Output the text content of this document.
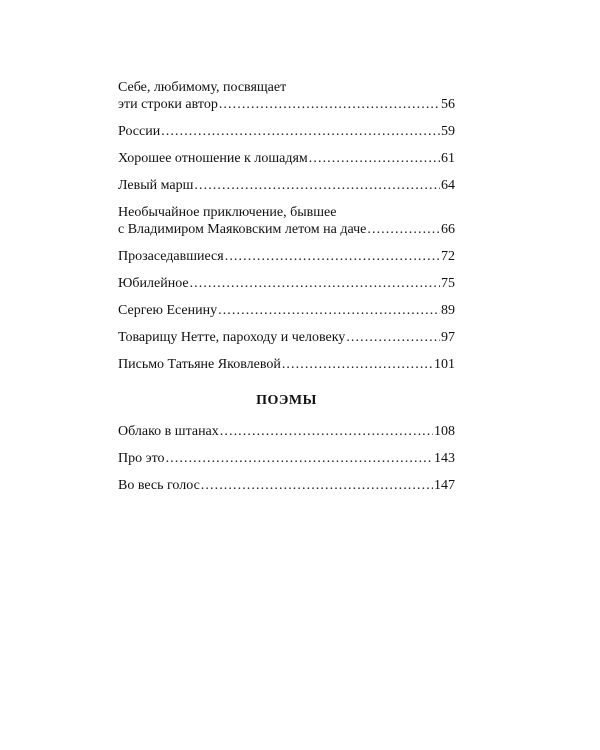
Себе, любимому, посвящает
эти строки автор . . .	56
России . . .	59
Хорошее отношение к лошадям . . .	61
Левый марш . . .	64
Необычайное приключение, бывшее
с Владимиром Маяковским летом на даче . . .	66
Прозаседавшиеся . . .	72
Юбилейное . . .	75
Сергею Есенину . . .	89
Товарищу Нетте, пароходу и человеку . . .	97
Письмо Татьяне Яковлевой . . .	101
ПОЭМЫ
Облако в штанах . . .	108
Про это . . .	143
Во весь голос . . .	147
